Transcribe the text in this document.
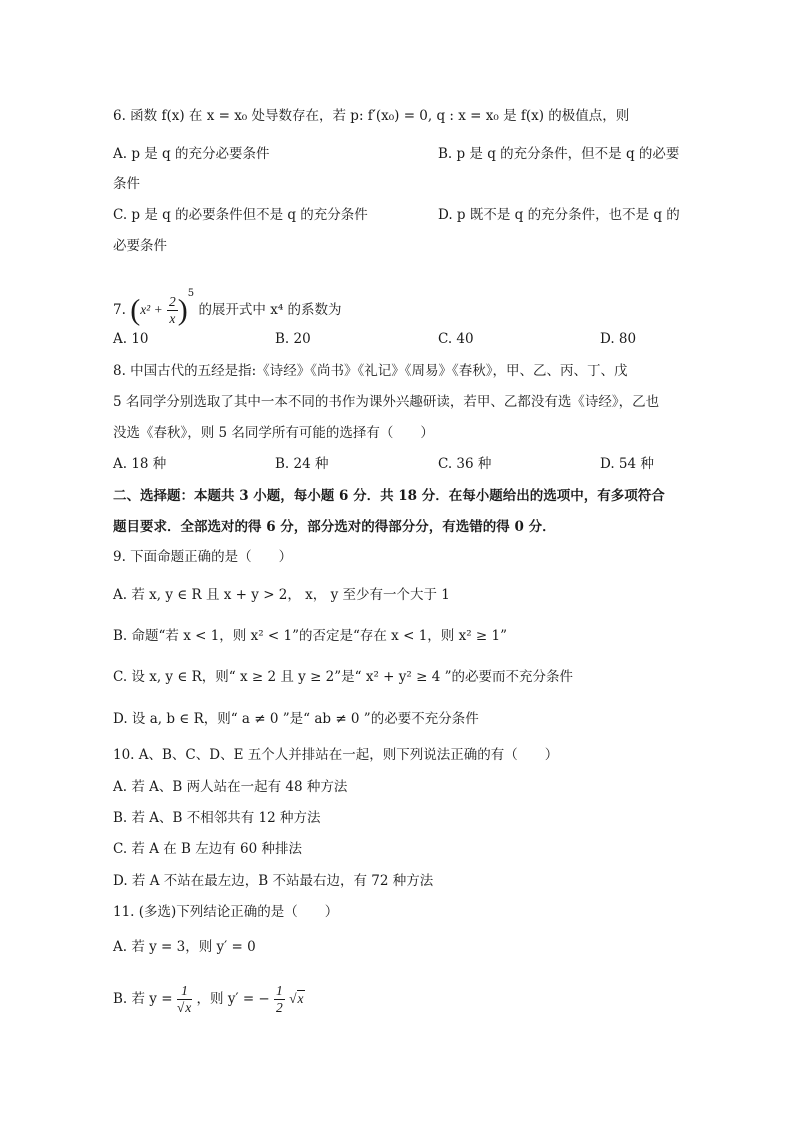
6. 函数 f(x) 在 x = x₀ 处导数存在，若 p: f′(x₀) = 0, q : x = x₀ 是 f(x) 的极值点，则
A. p 是 q 的充分必要条件	B. p 是 q 的充分条件，但不是 q 的必要
条件
C. p 是 q 的必要条件但不是 q 的充分条件	D. p 既不是 q 的充分条件，也不是 q 的
必要条件
7. $(x^2 + \frac{2}{x} )^5$ 的展开式中 x⁴ 的系数为
A. 10	B. 20	C. 40	D. 80
8. 中国古代的五经是指:《诗经》《尚书》《礼记》《周易》《春秋》，甲、乙、丙、丁、戊
5 名同学分别选取了其中一本不同的书作为课外兴趣研读，若甲、乙都没有选《诗经》，乙也
没选《春秋》，则 5 名同学所有可能的选择有（　　）
A. 18 种	B. 24 种	C. 36 种	D. 54 种
二、选择题：本题共 3 小题，每小题 6 分．共 18 分．在每小题给出的选项中，有多项符合
题目要求．全部选对的得 6 分，部分选对的得部分分，有选错的得 0 分．
9. 下面命题正确的是（　　）
A. 若 x, y ∈ R 且 x + y > 2， x， y 至少有一个大于 1
B. 命题“若 x < 1，则 x² < 1”的否定是“存在 x < 1，则 x² ≥ 1”
C. 设 x, y ∈ R，则“ x ≥ 2 且 y ≥ 2”是“ x² + y² ≥ 4 ”的必要而不充分条件
D. 设 a, b ∈ R，则“ a ≠ 0 ”是“ ab ≠ 0 ”的必要不充分条件
10. A、B、C、D、E 五个人并排站在一起，则下列说法正确的有（　　）
A. 若 A、B 两人站在一起有 48 种方法
B. 若 A、B 不相邻共有 12 种方法
C. 若 A 在 B 左边有 60 种排法
D. 若 A 不站在最左边，B 不站最右边，有 72 种方法
11. (多选)下列结论正确的是（　　）
A. 若 y = 3，则 y′ = 0
B. 若 $y = \frac{1}{√x}$ ，则 y′ = − $\frac{1}{2} √x$
